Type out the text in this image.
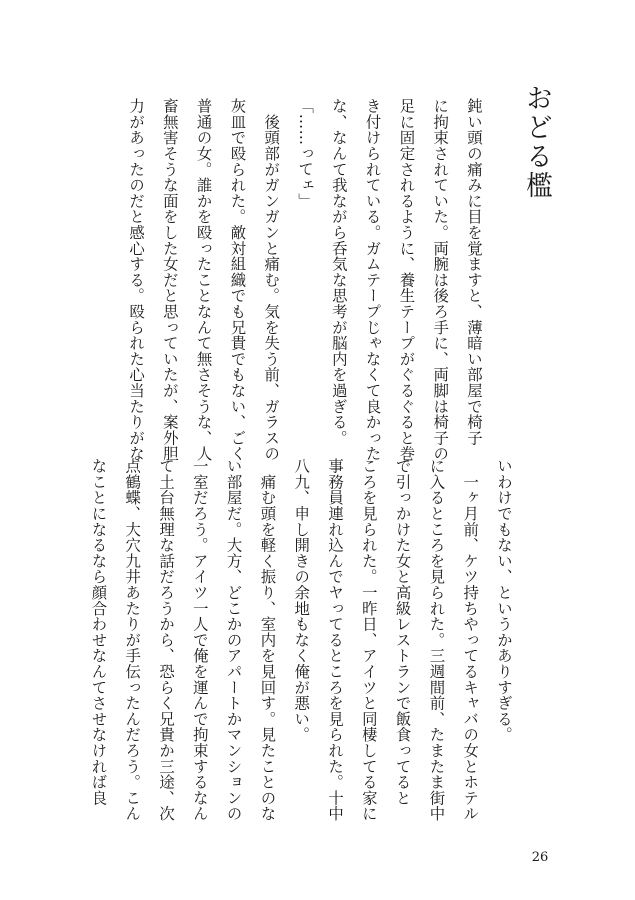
おどる檻

鈍い頭の痛みに目を覚ますと、薄暗い部屋で椅子

に拘束されていた。両腕は後ろ手に、両脚は椅子の

足に固定されるように、養生テープがぐるぐると巻

き付けられている。ガムテープじゃなくて良かった

な、なんて我ながら呑気な思考が脳内を過ぎる。

「……ってェ」

　後頭部がガンガンと痛む。気を失う前、ガラスの

灰皿で殴られた。敵対組織でも兄貴でもない、ごく

普通の女。誰かを殴ったことなんて無さそうな、人

畜無害そうな面をした女だと思っていたが、案外胆

力があったのだと感心する。殴られた心当たりがな

いわけでもない、というかありすぎる。

　一ヶ月前、ケツ持ちやってるキャバの女とホテル

に入るところを見られた。三週間前、たまたま街中

で引っかけた女と高級レストランで飯食ってると

ころを見られた。一昨日、アイツと同棲してる家に

事務員連れ込んでヤってるところを見られた。十中

八九、申し開きの余地もなく俺が悪い。

　痛む頭を軽く振り、室内を見回す。見たことのな

い部屋だ。大方、どこかのアパートかマンションの

一室だろう。アイツ一人で俺を運んで拘束するなん

て土台無理な話だろうから、恐らく兄貴か三途、次

点鶴蝶、大穴九井あたりが手伝ったんだろう。こん

なことになるなら顔合わせなんてさせなければ良

26
